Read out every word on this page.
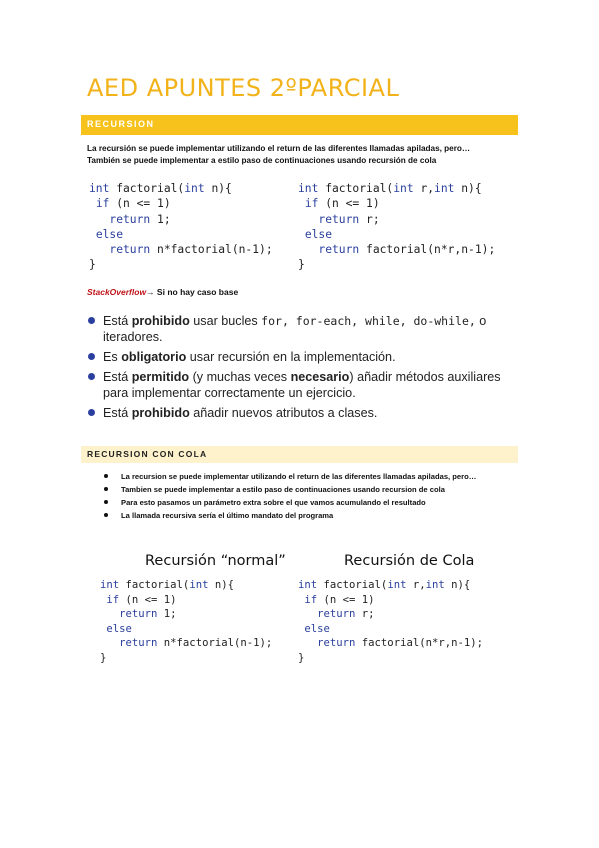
AED APUNTES 2ºPARCIAL
RECURSION
La recursión se puede implementar utilizando el return de las diferentes llamadas apiladas, pero…
También se puede implementar a estilo paso de continuaciones usando recursión de cola
int factorial(int n){
if (n <= 1)
return 1;
else
return n*factorial(n-1);
}
int factorial(int r,int n){
if (n <= 1)
return r;
else
return factorial(n*r,n-1);
}
StackOverflow→ Si no hay caso base
Está prohibido usar bucles for, for-each, while, do-while, o iteradores.
Es obligatorio usar recursión en la implementación.
Está permitido (y muchas veces necesario) añadir métodos auxiliares para implementar correctamente un ejercicio.
Está prohibido añadir nuevos atributos a clases.
RECURSION CON COLA
La recursion se puede implementar utilizando el return de las diferentes llamadas apiladas, pero…
Tambien se puede implementar a estilo paso de continuaciones usando recursion de cola
Para esto pasamos un parámetro extra sobre el que vamos acumulando el resultado
La llamada recursiva sería el último mandato del programa
Recursión “normal”	Recursión de Cola
int factorial(int n){
if (n <= 1)
return 1;
else
return n*factorial(n-1);
}
int factorial(int r,int n){
if (n <= 1)
return r;
else
return factorial(n*r,n-1);
}
